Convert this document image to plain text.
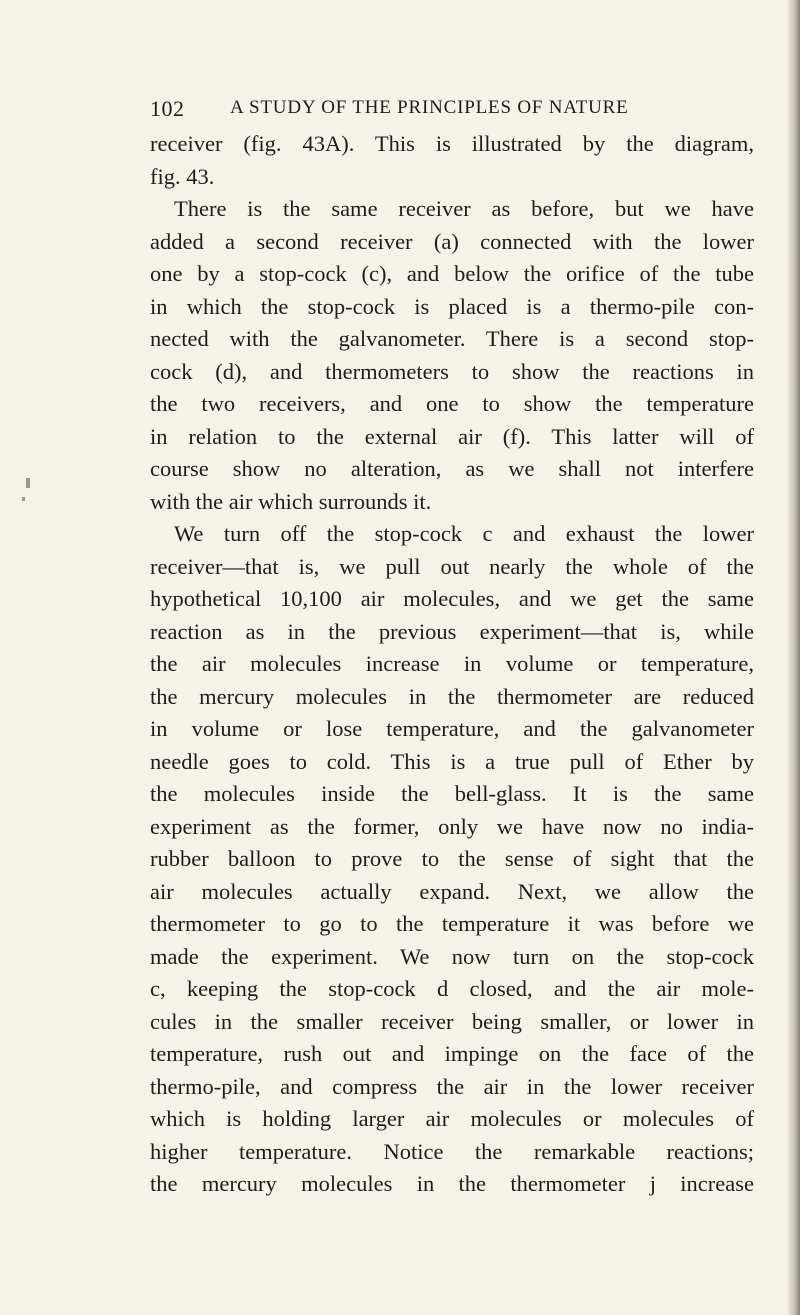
102 A STUDY OF THE PRINCIPLES OF NATURE
receiver (fig. 43A). This is illustrated by the diagram,
fig. 43.
There is the same receiver as before, but we have
added a second receiver (a) connected with the lower
one by a stop-cock (c), and below the orifice of the tube
in which the stop-cock is placed is a thermo-pile con-
nected with the galvanometer. There is a second stop-
cock (d), and thermometers to show the reactions in
the two receivers, and one to show the temperature
in relation to the external air (f). This latter will of
course show no alteration, as we shall not interfere
with the air which surrounds it.
We turn off the stop-cock c and exhaust the lower
receiver—that is, we pull out nearly the whole of the
hypothetical 10,100 air molecules, and we get the same
reaction as in the previous experiment—that is, while
the air molecules increase in volume or temperature,
the mercury molecules in the thermometer are reduced
in volume or lose temperature, and the galvanometer
needle goes to cold. This is a true pull of Ether by
the molecules inside the bell-glass. It is the same
experiment as the former, only we have now no india-
rubber balloon to prove to the sense of sight that the
air molecules actually expand. Next, we allow the
thermometer to go to the temperature it was before we
made the experiment. We now turn on the stop-cock
c, keeping the stop-cock d closed, and the air mole-
cules in the smaller receiver being smaller, or lower in
temperature, rush out and impinge on the face of the
thermo-pile, and compress the air in the lower receiver
which is holding larger air molecules or molecules of
higher temperature. Notice the remarkable reactions;
the mercury molecules in the thermometer j increase
